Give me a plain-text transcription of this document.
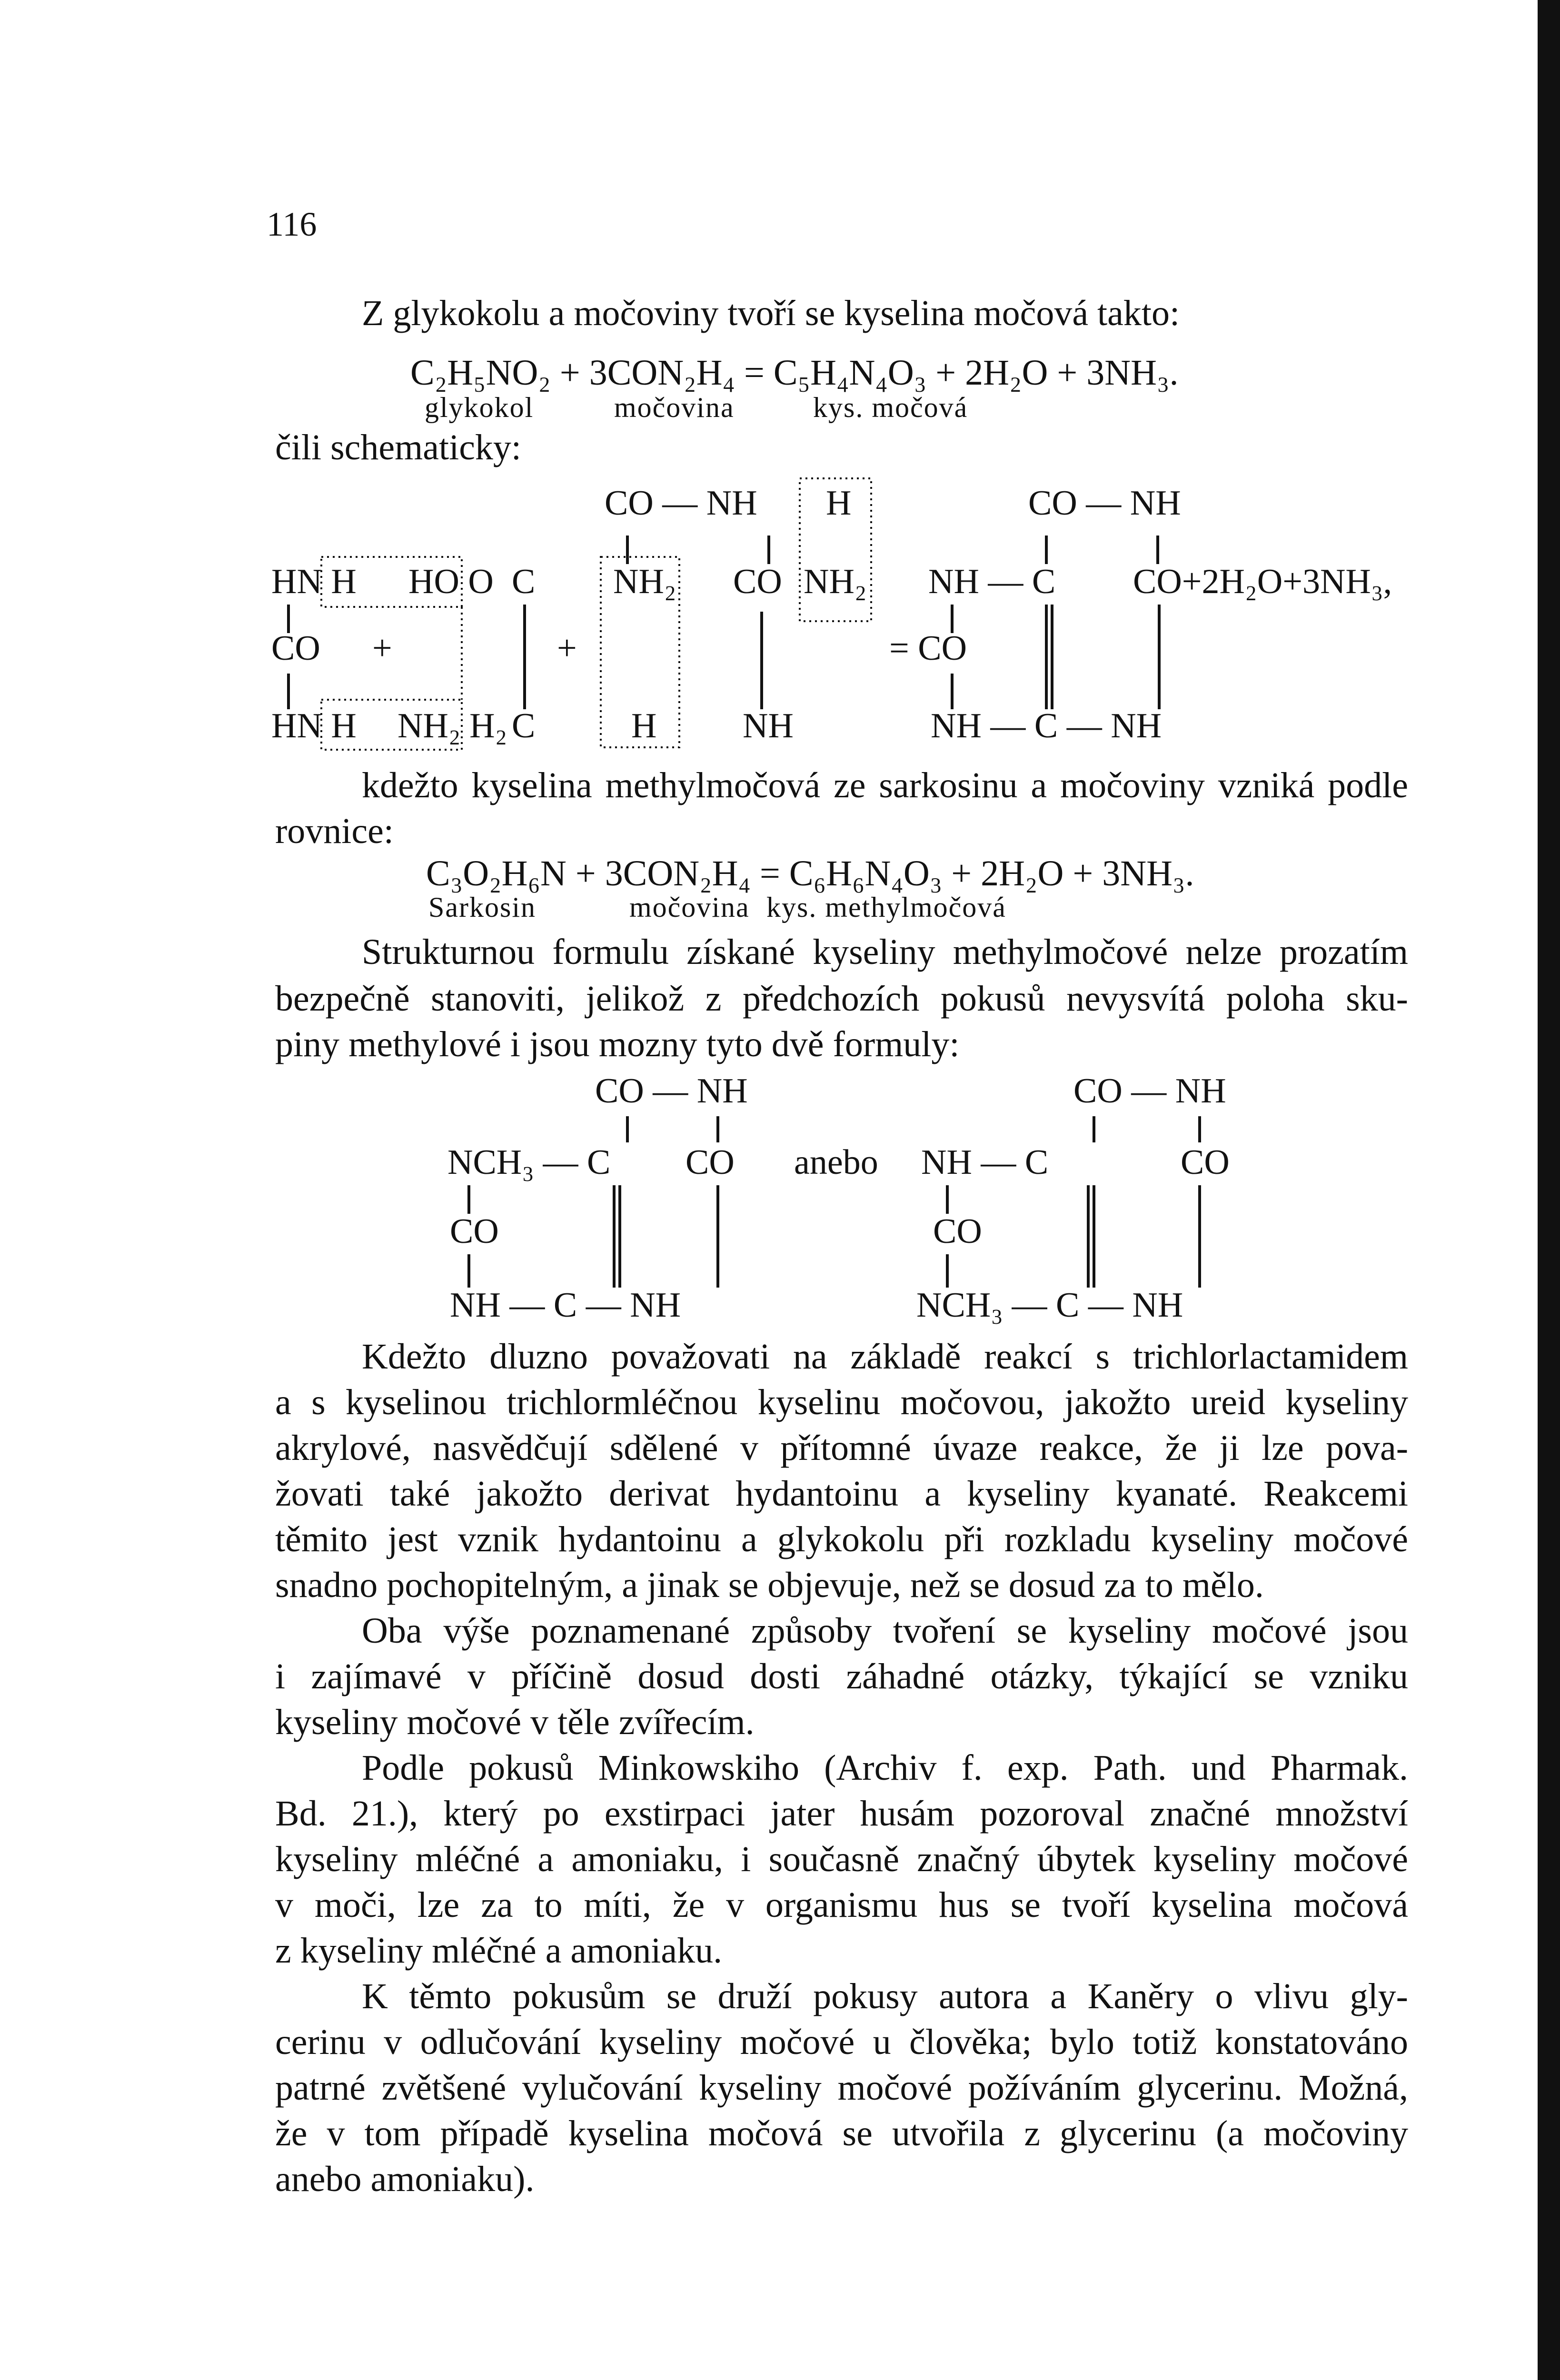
116
Z glykokolu a močoviny tvoří se kyselina močová takto:
C₂H₅NO₂ + 3CON₂H₄ = C₅H₄N₄O₃ + 2H₂O + 3NH₃.
glykokol	močovina	kys. močová
čili schematicky:
CO — NH H	CO — NH
HN H HO O C NH₂ CO NH₂ NH — C CO+2H₂O+3NH₃,
CO +	+	= CO
HN H NH₂ H₂ C	H NH	NH — C — NH
kdežto kyselina methylmočová ze sarkosinu a močoviny vzniká podle
rovnice:
C₃O₂H₆N + 3CON₂H₄ = C₆H₆N₄O₃ + 2H₂O + 3NH₃.
Sarkosin	močovina kys. methylmočová
Strukturnou formulu získané kyseliny methylmočové nelze prozatím
bezpečně stanoviti, jelikož z předchozích pokusů nevysvítá poloha sku-
piny methylové i jsou mozny tyto dvě formuly:
CO — NH	CO — NH
NCH₃ — C CO anebo NH — C	CO
CO	CO
NH — C — NH	NCH₃ — C — NH
Kdežto dluzno považovati na základě reakcí s trichlorlactamidem
a s kyselinou trichlormléčnou kyselinu močovou, jakožto ureid kyseliny
akrylové, nasvědčují sdělené v přítomné úvaze reakce, že ji lze pova-
žovati také jakožto derivat hydantoinu a kyseliny kyanaté. Reakcemi
těmito jest vznik hydantoinu a glykokolu při rozkladu kyseliny močové
snadno pochopitelným, a jinak se objevuje, než se dosud za to mělo.
Oba výše poznamenané způsoby tvoření se kyseliny močové jsou
i zajímavé v příčině dosud dosti záhadné otázky, týkající se vzniku
kyseliny močové v těle zvířecím.
Podle pokusů Minkowskiho (Archiv f. exp. Path. und Pharmak.
Bd. 21.), který po exstirpaci jater husám pozoroval značné množství
kyseliny mléčné a amoniaku, i současně značný úbytek kyseliny močové
v moči, lze za to míti, že v organismu hus se tvoří kyselina močová
z kyseliny mléčné a amoniaku.
K těmto pokusům se druží pokusy autora a Kaněry o vlivu gly-
cerinu v odlučování kyseliny močové u člověka; bylo totiž konstatováno
patrné zvětšené vylučování kyseliny močové požíváním glycerinu. Možná,
že v tom případě kyselina močová se utvořila z glycerinu (a močoviny
anebo amoniaku).
